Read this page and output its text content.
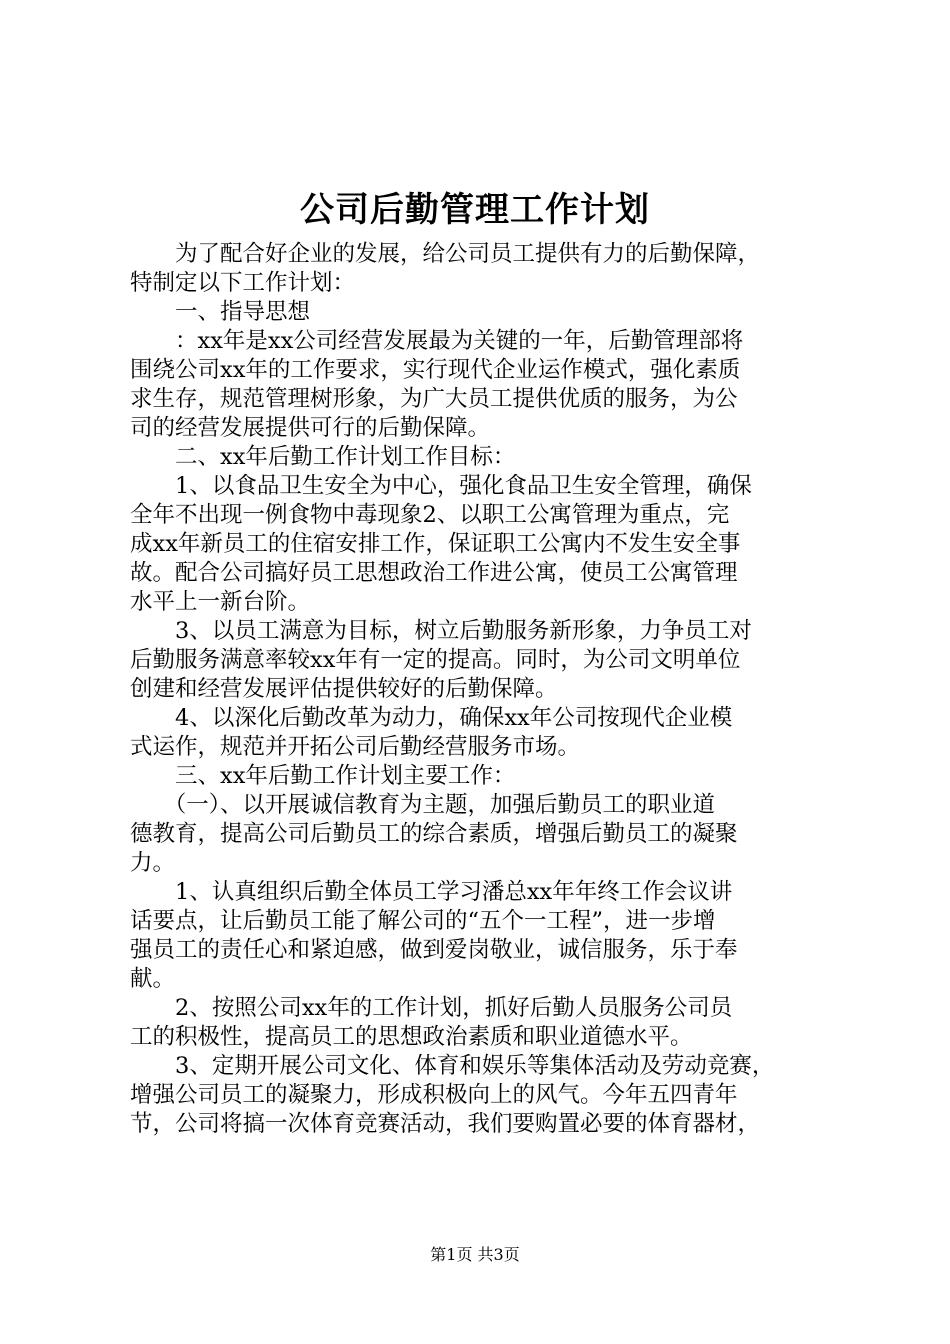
公司后勤管理工作计划
　　为了配合好企业的发展，给公司员工提供有力的后勤保障，
特制定以下工作计划：
　　一、指导思想
　　：xx年是xx公司经营发展最为关键的一年，后勤管理部将
围绕公司xx年的工作要求，实行现代企业运作模式，强化素质
求生存，规范管理树形象，为广大员工提供优质的服务，为公
司的经营发展提供可行的后勤保障。
　　二、xx年后勤工作计划工作目标：
　　1、以食品卫生安全为中心，强化食品卫生安全管理，确保
全年不出现一例食物中毒现象2、以职工公寓管理为重点，完
成xx年新员工的住宿安排工作，保证职工公寓内不发生安全事
故。配合公司搞好员工思想政治工作进公寓，使员工公寓管理
水平上一新台阶。
　　3、以员工满意为目标，树立后勤服务新形象，力争员工对
后勤服务满意率较xx年有一定的提高。同时，为公司文明单位
创建和经营发展评估提供较好的后勤保障。
　　4、以深化后勤改革为动力，确保xx年公司按现代企业模
式运作，规范并开拓公司后勤经营服务市场。
　　三、xx年后勤工作计划主要工作：
　　（一）、以开展诚信教育为主题，加强后勤员工的职业道
德教育，提高公司后勤员工的综合素质，增强后勤员工的凝聚
力。
　　1、认真组织后勤全体员工学习潘总xx年年终工作会议讲
话要点，让后勤员工能了解公司的“五个一工程”，进一步增
强员工的责任心和紧迫感，做到爱岗敬业，诚信服务，乐于奉
献。
　　2、按照公司xx年的工作计划，抓好后勤人员服务公司员
工的积极性，提高员工的思想政治素质和职业道德水平。
　　3、定期开展公司文化、体育和娱乐等集体活动及劳动竞赛，
增强公司员工的凝聚力，形成积极向上的风气。今年五四青年
节，公司将搞一次体育竞赛活动，我们要购置必要的体育器材，
第1页 共3页
